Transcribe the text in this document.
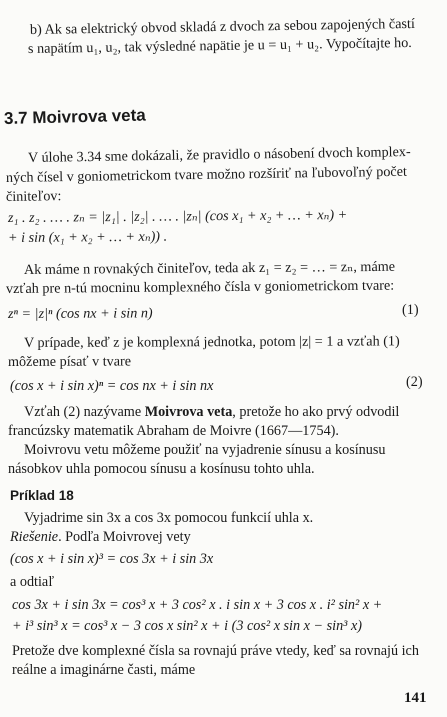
b) Ak sa elektrický obvod skladá z dvoch za sebou zapojených častí
s napätím u₁, u₂, tak výsledné napätie je u = u₁ + u₂. Vypočítajte ho.
3.7 Moivrova veta
V úlohe 3.34 sme dokázali, že pravidlo o násobení dvoch komplex-
ných čísel v goniometrickom tvare možno rozšíriť na ľubovoľný počet
činiteľov:
z₁ . z₂ . … . zₙ = |z₁| . |z₂| . … . |zₙ| (cos x₁ + x₂ + … + xₙ) +
+ i sin (x₁ + x₂ + … + xₙ)) .
Ak máme n rovnakých činiteľov, teda ak z₁ = z₂ = … = zₙ, máme
vzťah pre n-tú mocninu komplexného čísla v goniometrickom tvare:
zⁿ = |z|ⁿ (cos nx + i sin n)	(1)
V prípade, keď z je komplexná jednotka, potom |z| = 1 a vzťah (1)
môžeme písať v tvare
(cos x + i sin x)ⁿ = cos nx + i sin nx	(2)
Vzťah (2) nazývame Moivrova veta, pretože ho ako prvý odvodil
francúzsky matematik Abraham de Moivre (1667—1754).
Moivrovu vetu môžeme použiť na vyjadrenie sínusu a kosínusu
násobkov uhla pomocou sínusu a kosínusu tohto uhla.
Príklad 18
Vyjadrime sin 3x a cos 3x pomocou funkcií uhla x.
Riešenie. Podľa Moivrovej vety
(cos x + i sin x)³ = cos 3x + i sin 3x
a odtiaľ
cos 3x + i sin 3x = cos³ x + 3 cos² x . i sin x + 3 cos x . i² sin² x +
+ i³ sin³ x = cos³ x − 3 cos x sin² x + i (3 cos² x sin x − sin³ x)
Pretože dve komplexné čísla sa rovnajú práve vtedy, keď sa rovnajú ich
reálne a imaginárne časti, máme
141
